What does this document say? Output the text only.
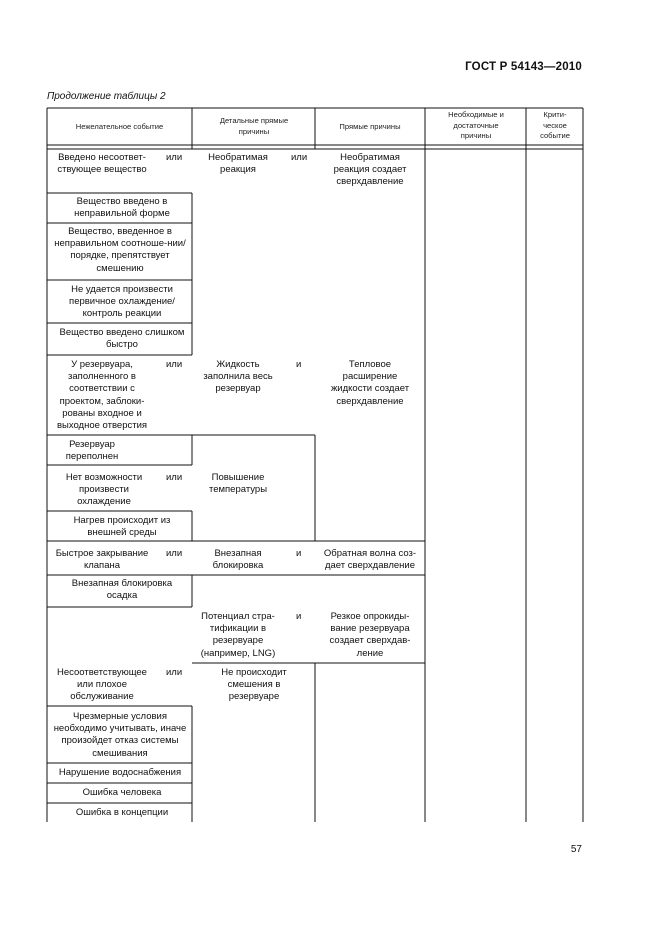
ГОСТ Р 54143—2010
Продолжение таблицы 2
Нежелательное событие
Детальные прямые причины
Прямые причины
Необходимые и достаточные причины
Крити-ческое событие
Введено несоответ-ствующее вещество
или
Вещество введено в неправильной форме
Вещество, введенное в неправильном соотноше-нии/порядке, препятствует смешению
Не удается произвести первичное охлаждение/ контроль реакции
Вещество введено слишком быстро
У резервуара, заполненного в соответствии с проектом, заблоки-рованы входное и выходное отверстия
или
Резервуар переполнен
Нет возможности произвести охлаждение
или
Нагрев происходит из внешней среды
Быстрое закрывание клапана
или
Внезапная блокировка осадка
Несоответствующее или плохое обслуживание
или
Чрезмерные условия необходимо учитывать, иначе произойдет отказ системы смешивания
Нарушение водоснабжения
Ошибка человека
Ошибка в концепции
Необратимая реакция
или
Жидкость заполнила весь резервуар
и
Повышение температуры
Внезапная блокировка
и
Потенциал стра-тификации в резервуаре (например, LNG)
и
Не происходит смешения в резервуаре
Необратимая реакция создает сверхдавление
Тепловое расширение жидкости создает сверхдавление
Обратная волна соз-дает сверхдавление
Резкое опрокиды-вание резервуара создает сверхдав-ление
57
